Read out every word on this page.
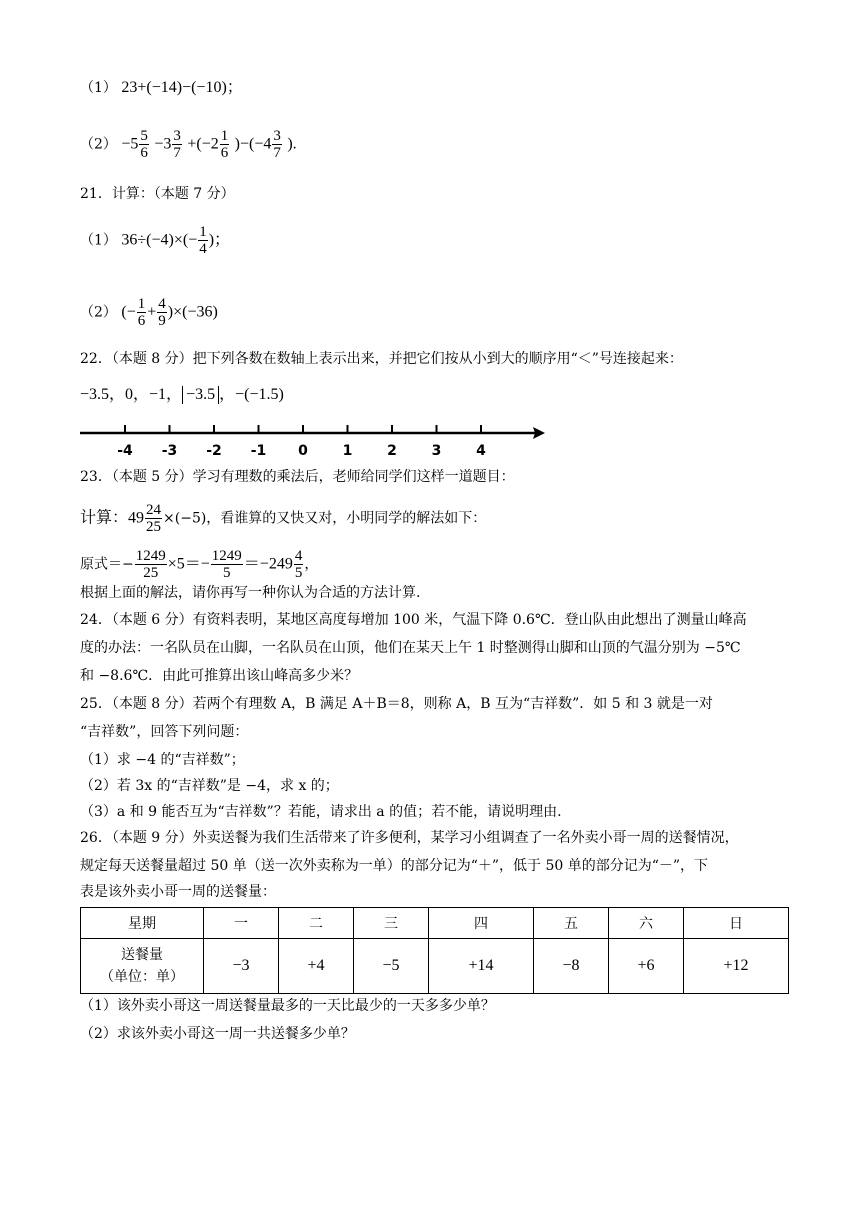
（1） 23+(−14)−(−10)；
$(2) -5 \frac{5}{6} -3 \frac{3}{7} +(-2 \frac{1}{6} )-(-4 \frac{3}{7}$ ).
21．计算：（本题 7 分）
（1） $36\div(-4)\times(- \frac{1}{4}$ )；
（2） (− $\frac{1}{6} + \frac{4}{9} )\times(-36)$
22．（本题 8 分）把下列各数在数轴上表示出来，并把它们按从小到大的顺序用“＜”号连接起来：
−3.5，0，−1， −3.5 ，−(−1.5)
-4 -3 -2 -1 0 1 2 3 4
23．（本题 5 分）学习有理数的乘法后，老师给同学们这样一道题目：
计算：$49 \frac{24}{25} \times(-5)$，看谁算的又快又对，小明同学的解法如下：
原式＝− $\frac{1249}{25} \times 5=- \frac{1249}{5} =-249 \frac{4}{5}$ ，
根据上面的解法，请你再写一种你认为合适的方法计算.
24．（本题 6 分）有资料表明，某地区高度每增加 100 米，气温下降 0.6℃．登山队由此想出了测量山峰高
度的办法：一名队员在山脚，一名队员在山顶，他们在某天上午 1 时整测得山脚和山顶的气温分别为 −5℃
和 −8.6℃．由此可推算出该山峰高多少米？
25．（本题 8 分）若两个有理数 A，B 满足 A＋B＝8，则称 A，B 互为“吉祥数”．如 5 和 3 就是一对
“吉祥数”，回答下列问题：
（1）求 −4 的“吉祥数”；
（2）若 3x 的“吉祥数”是 −4，求 x 的；
（3）a 和 9 能否互为“吉祥数”？若能，请求出 a 的值；若不能，请说明理由.
26．（本题 9 分）外卖送餐为我们生活带来了许多便利，某学习小组调查了一名外卖小哥一周的送餐情况，
规定每天送餐量超过 50 单（送一次外卖称为一单）的部分记为“＋”，低于 50 单的部分记为“－”，下
表是该外卖小哥一周的送餐量：
星期	一	二	三	四	五	六	日

送餐量
（单位：单）	−3	+4	−5	+14	−8	+6	+12
（1）该外卖小哥这一周送餐量最多的一天比最少的一天多多少单？
（2）求该外卖小哥这一周一共送餐多少单？
